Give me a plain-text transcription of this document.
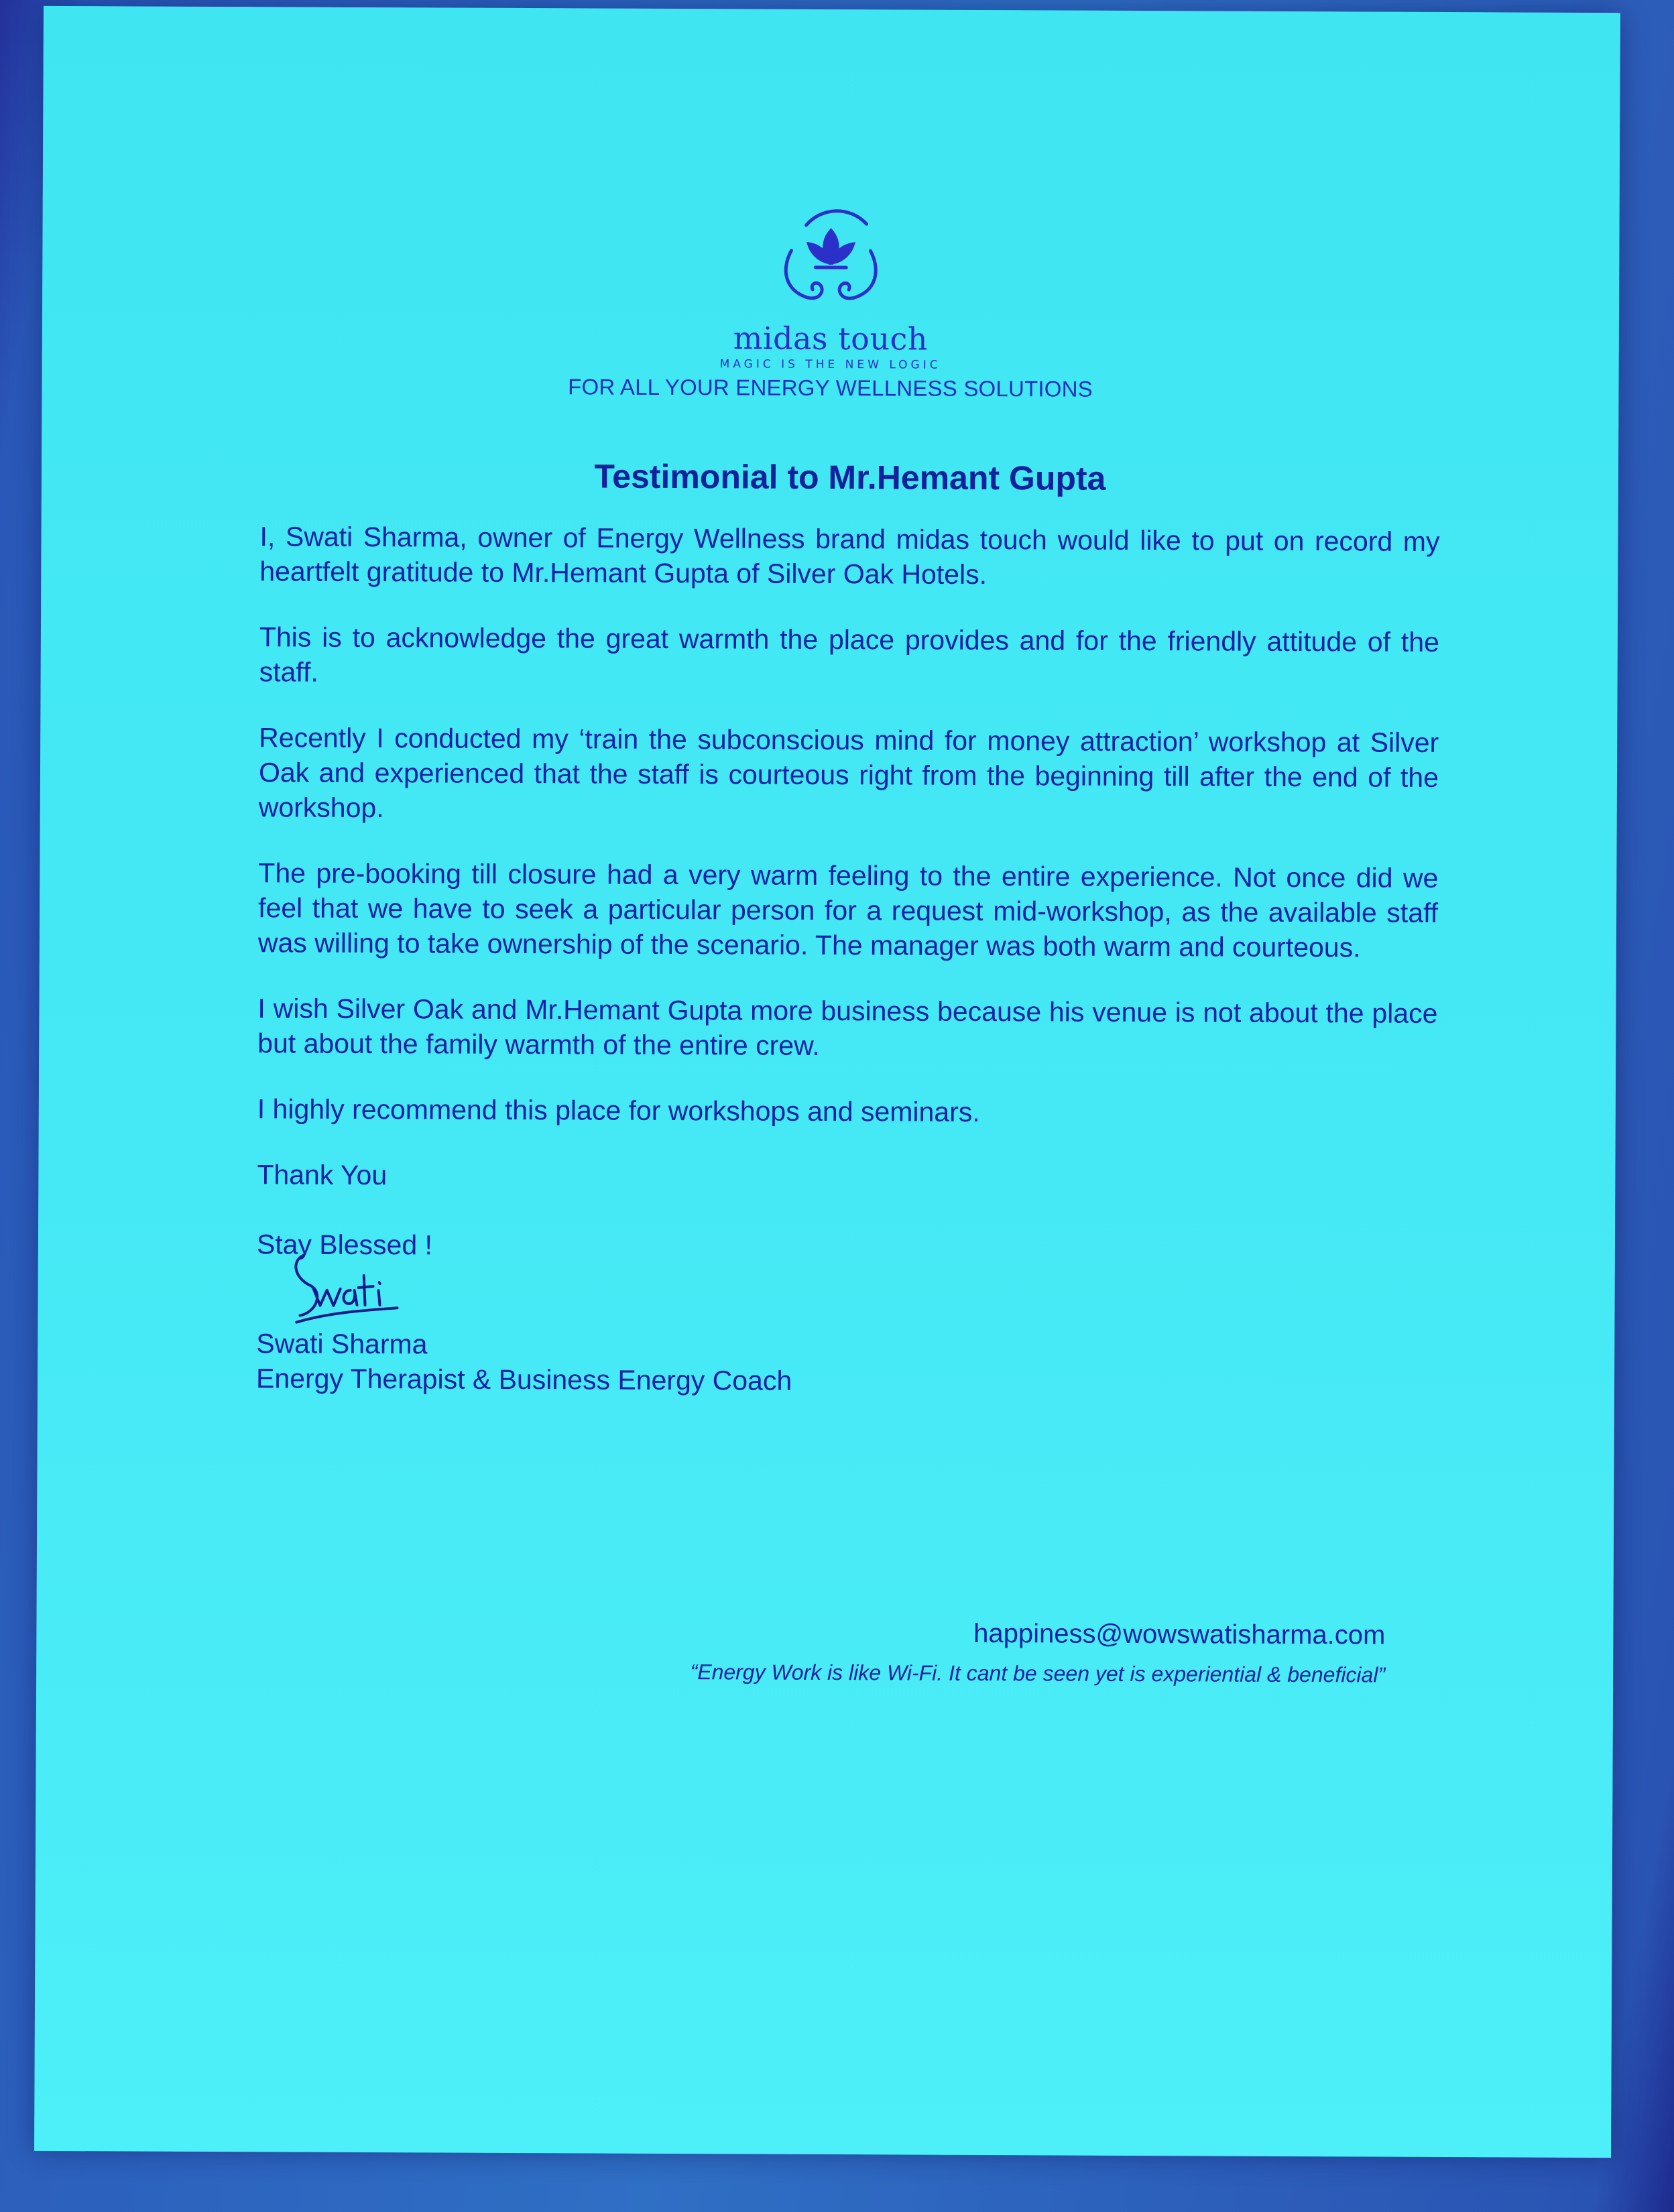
midas touch
MAGIC IS THE NEW LOGIC
FOR ALL YOUR ENERGY WELLNESS SOLUTIONS
Testimonial to Mr.Hemant Gupta

I, Swati Sharma, owner of Energy Wellness brand midas touch would like to put on record my heartfelt gratitude to Mr.Hemant Gupta of Silver Oak Hotels.

This is to acknowledge the great warmth the place provides and for the friendly attitude of the staff.

Recently I conducted my ‘train the subconscious mind for money attraction’ workshop at Silver Oak and experienced that the staff is courteous right from the beginning till after the end of the workshop.

The pre-booking till closure had a very warm feeling to the entire experience. Not once did we feel that we have to seek a particular person for a request mid-workshop, as the available staff was willing to take ownership of the scenario. The manager was both warm and courteous.

I wish Silver Oak and Mr.Hemant Gupta more business because his venue is not about the place but about the family warmth of the entire crew.

I highly recommend this place for workshops and seminars.

Thank You

Stay Blessed !

Swati Sharma

Energy Therapist & Business Energy Coach

happiness@wowswatisharma.com
“Energy Work is like Wi-Fi. It cant be seen yet is experiential & beneficial”
